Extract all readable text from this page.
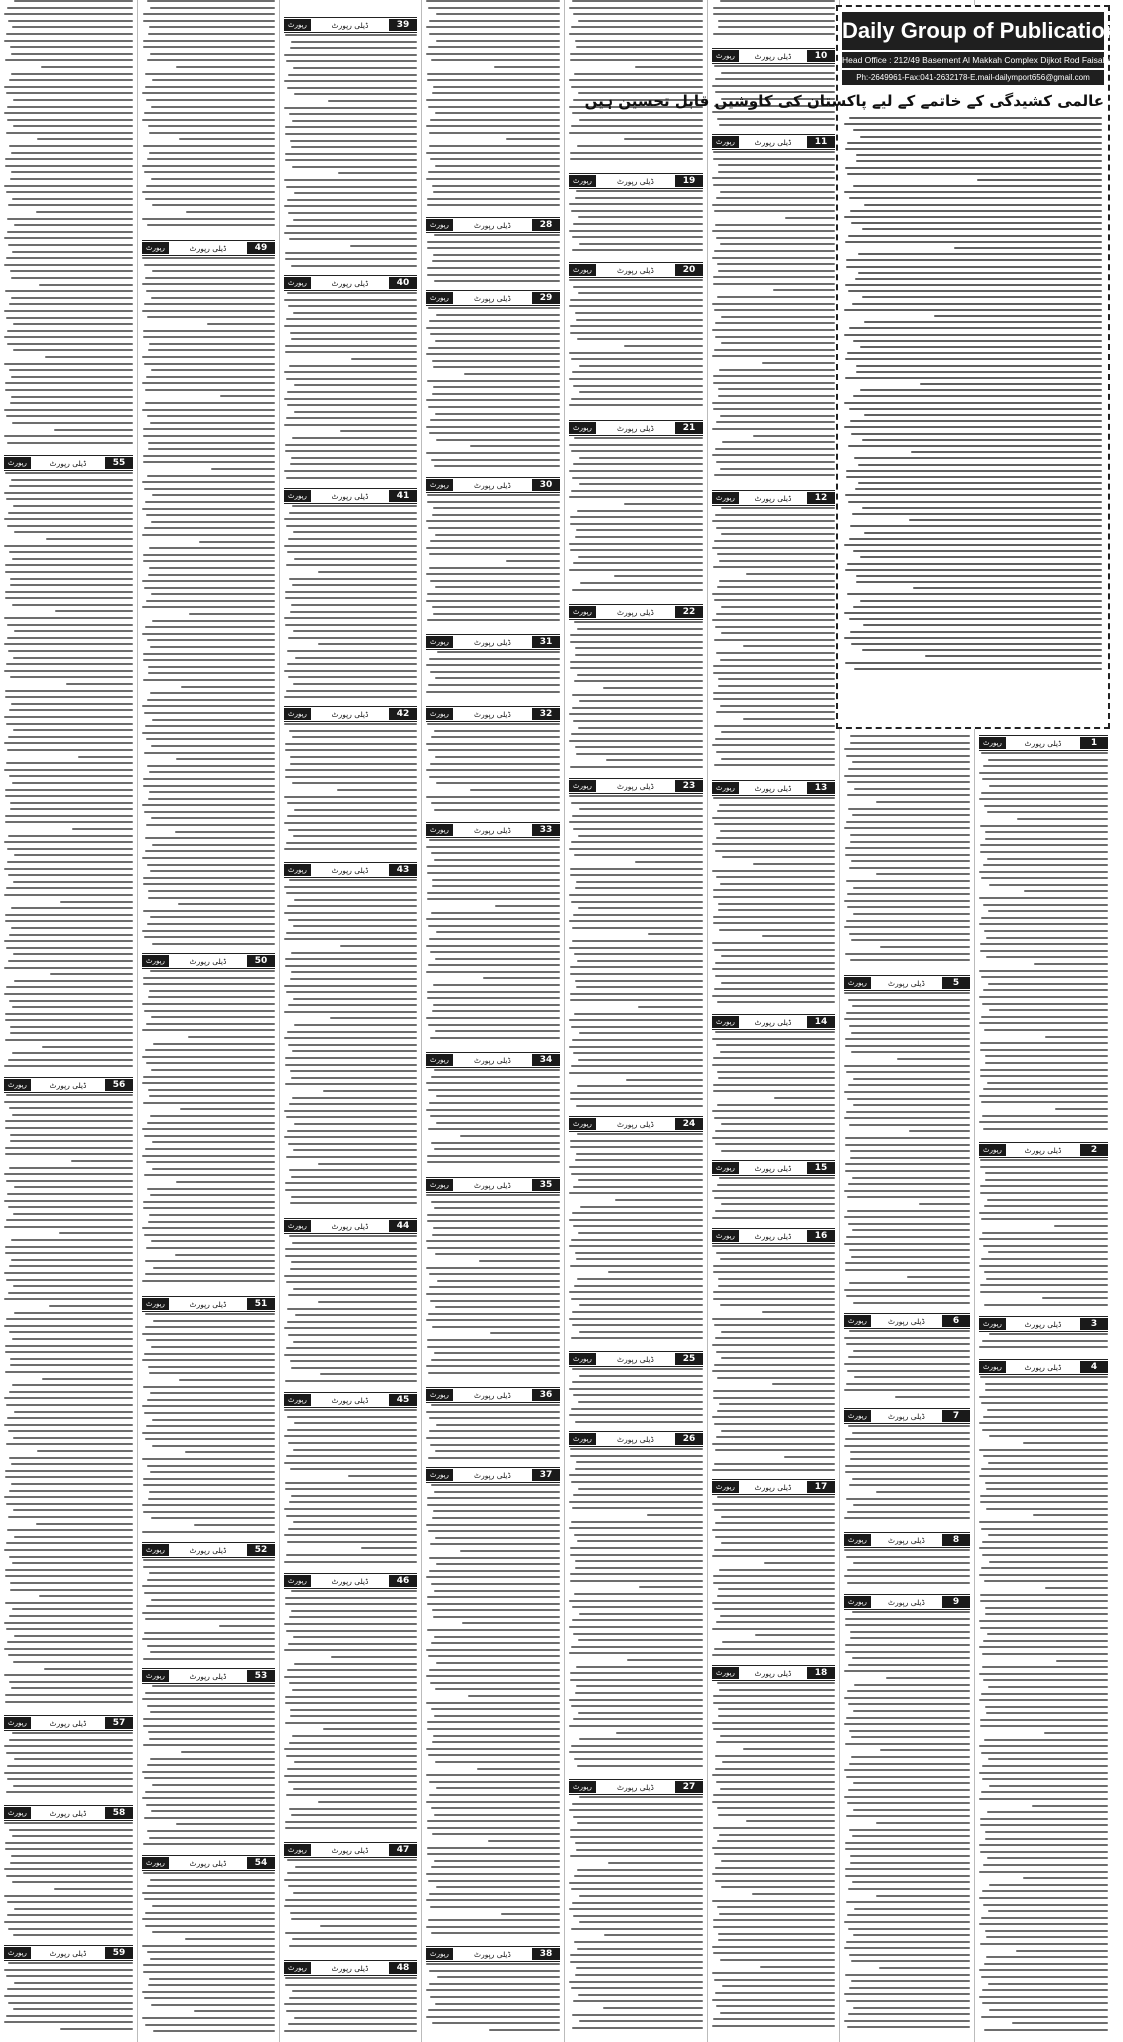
رپورٹ	ڈیلی رپورٹ	55
رپورٹ	ڈیلی رپورٹ	56
رپورٹ	ڈیلی رپورٹ	57
رپورٹ	ڈیلی رپورٹ	58
رپورٹ	ڈیلی رپورٹ	59
رپورٹ	ڈیلی رپورٹ	49
رپورٹ	ڈیلی رپورٹ	50
رپورٹ	ڈیلی رپورٹ	51
رپورٹ	ڈیلی رپورٹ	52
رپورٹ	ڈیلی رپورٹ	53
رپورٹ	ڈیلی رپورٹ	54
رپورٹ	ڈیلی رپورٹ	39
رپورٹ	ڈیلی رپورٹ	40
رپورٹ	ڈیلی رپورٹ	41
رپورٹ	ڈیلی رپورٹ	42
رپورٹ	ڈیلی رپورٹ	43
رپورٹ	ڈیلی رپورٹ	44
رپورٹ	ڈیلی رپورٹ	45
رپورٹ	ڈیلی رپورٹ	46
رپورٹ	ڈیلی رپورٹ	47
رپورٹ	ڈیلی رپورٹ	48
رپورٹ	ڈیلی رپورٹ	28
رپورٹ	ڈیلی رپورٹ	29
رپورٹ	ڈیلی رپورٹ	30
رپورٹ	ڈیلی رپورٹ	31
رپورٹ	ڈیلی رپورٹ	32
رپورٹ	ڈیلی رپورٹ	33
رپورٹ	ڈیلی رپورٹ	34
رپورٹ	ڈیلی رپورٹ	35
رپورٹ	ڈیلی رپورٹ	36
رپورٹ	ڈیلی رپورٹ	37
رپورٹ	ڈیلی رپورٹ	38
رپورٹ	ڈیلی رپورٹ	19
رپورٹ	ڈیلی رپورٹ	20
رپورٹ	ڈیلی رپورٹ	21
رپورٹ	ڈیلی رپورٹ	22
رپورٹ	ڈیلی رپورٹ	23
رپورٹ	ڈیلی رپورٹ	24
رپورٹ	ڈیلی رپورٹ	25
رپورٹ	ڈیلی رپورٹ	26
رپورٹ	ڈیلی رپورٹ	27
رپورٹ	ڈیلی رپورٹ	10
رپورٹ	ڈیلی رپورٹ	11
رپورٹ	ڈیلی رپورٹ	12
رپورٹ	ڈیلی رپورٹ	13
رپورٹ	ڈیلی رپورٹ	14
رپورٹ	ڈیلی رپورٹ	15
رپورٹ	ڈیلی رپورٹ	16
رپورٹ	ڈیلی رپورٹ	17
رپورٹ	ڈیلی رپورٹ	18
رپورٹ	ڈیلی رپورٹ	5
رپورٹ	ڈیلی رپورٹ	6
رپورٹ	ڈیلی رپورٹ	7
رپورٹ	ڈیلی رپورٹ	8
رپورٹ	ڈیلی رپورٹ	9
رپورٹ	ڈیلی رپورٹ	1
رپورٹ	ڈیلی رپورٹ	2
رپورٹ	ڈیلی رپورٹ	3
رپورٹ	ڈیلی رپورٹ	4
Daily Group of Publication
Head Office : 212/49 Basement Al Makkah Complex Dijkot Rod Faisalabad
Ph:-2649961-Fax:041-2632178-E.mail-dailymport656@gmail.com
عالمی کشیدگی کے خاتمے کے لیے پاکستان کی کاوشیں قابل تحسین ہیں
